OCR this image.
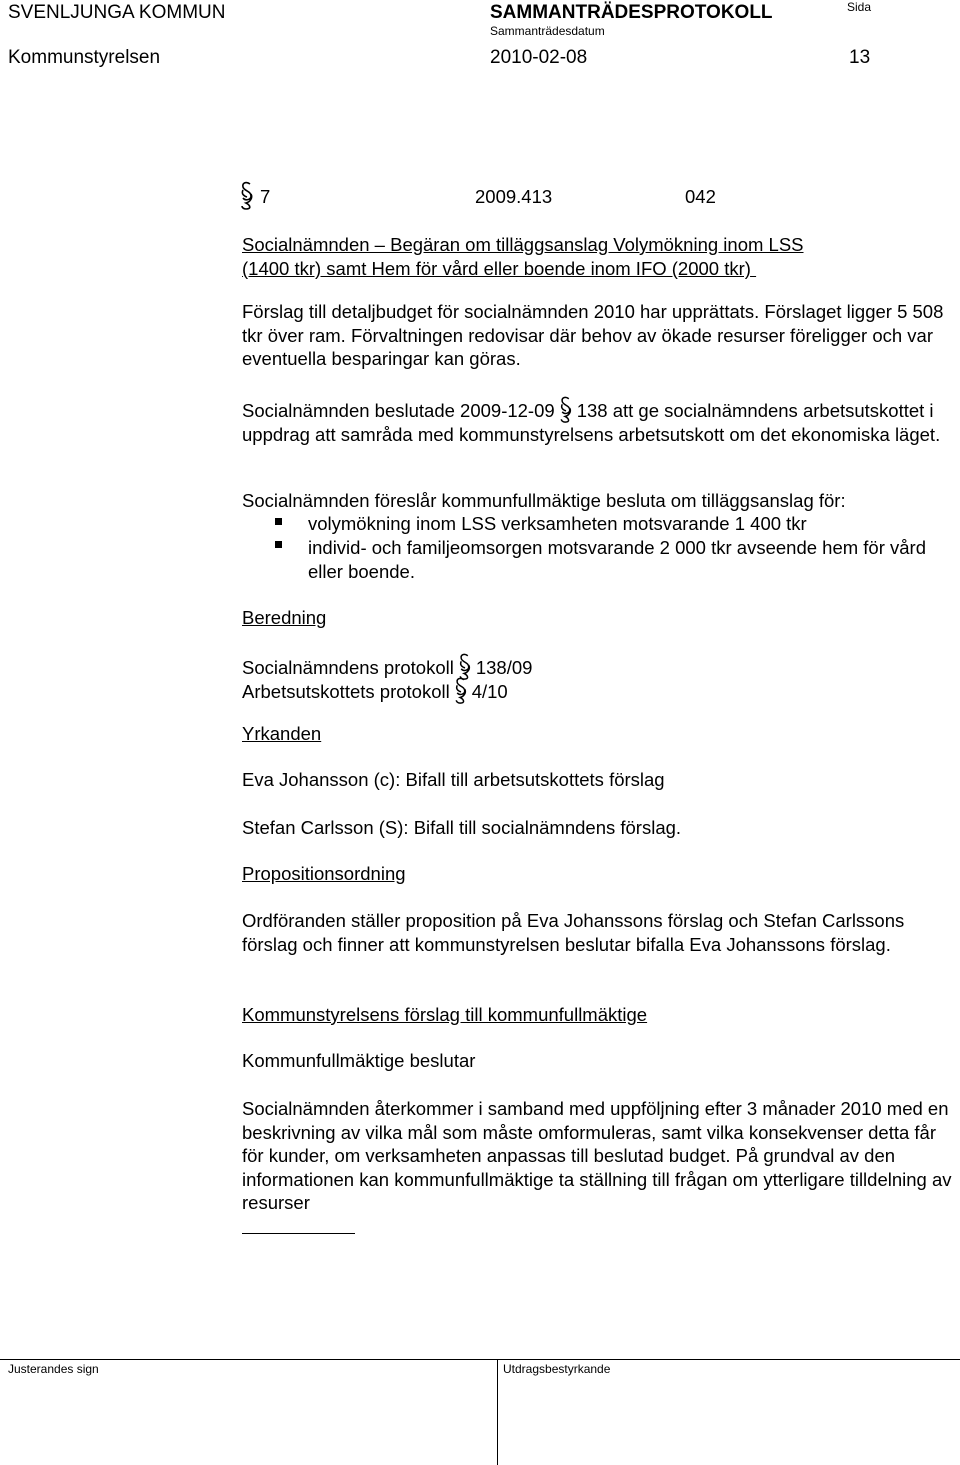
SVENLJUNGA KOMMUN	SAMMANTRÄDESPROTOKOLL
Sammanträdesdatum
Sida
Kommunstyrelsen	2010-02-08	13
7	2009.413	042
Socialnämnden – Begäran om tilläggsanslag Volymökning inom LSS
(1400 tkr) samt Hem för vård eller boende inom IFO (2000 tkr)

Förslag till detaljbudget för socialnämnden 2010 har upprättats. Förslaget ligger 5 508 tkr över ram. Förvaltningen redovisar där behov av ökade resurser föreligger och var eventuella besparingar kan göras.

Socialnämnden beslutade 2009-12-09 138 att ge socialnämndens arbetsutskottet i uppdrag att samråda med kommunstyrelsens arbetsutskott om det ekonomiska läget.

Socialnämnden föreslår kommunfullmäktige besluta om tilläggsanslag för:

volymökning inom LSS verksamheten motsvarande 1 400 tkr
individ- och familjeomsorgen motsvarande 2 000 tkr avseende hem för vård eller boende.
Beredning
Socialnämndens protokoll 138/09
Arbetsutskottets protokoll 4/10
Yrkanden
Eva Johansson (c): Bifall till arbetsutskottets förslag
Stefan Carlsson (S): Bifall till socialnämndens förslag.
Propositionsordning

Ordföranden ställer proposition på Eva Johanssons förslag och Stefan Carlssons förslag och finner att kommunstyrelsen beslutar bifalla Eva Johanssons förslag.

Kommunstyrelsens förslag till kommunfullmäktige
Kommunfullmäktige beslutar

Socialnämnden återkommer i samband med uppföljning efter 3 månader 2010 med en beskrivning av vilka mål som måste omformuleras, samt vilka konsekvenser detta får för kunder, om verksamheten anpassas till beslutad budget. På grundval av den informationen kan kommunfullmäktige ta ställning till frågan om ytterligare tilldelning av resurser

Justerandes sign	Utdragsbestyrkande
